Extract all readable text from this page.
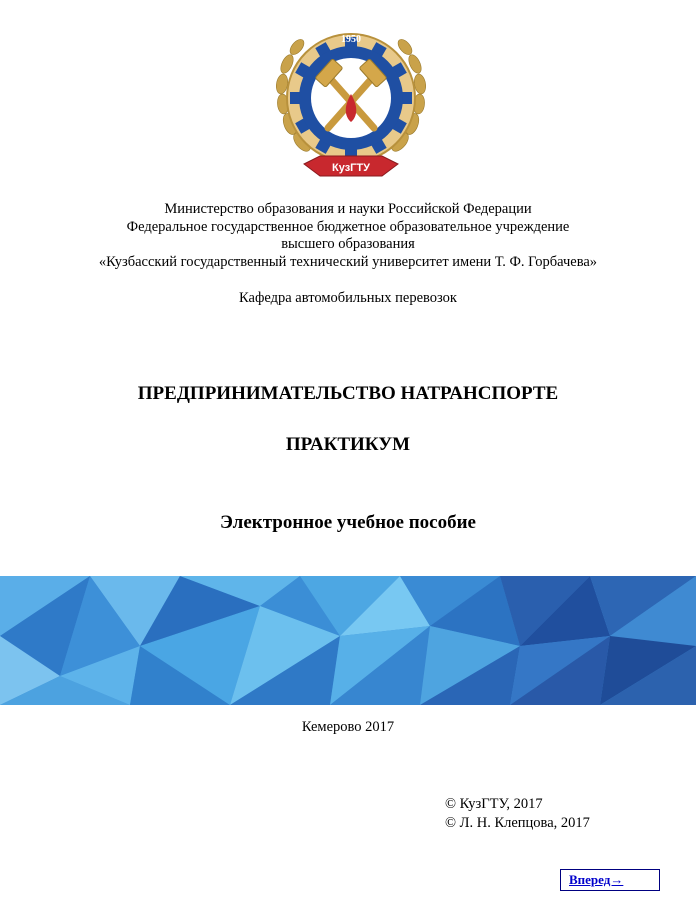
1950
КузГТУ
Министерство образования и науки Российской Федерации
Федеральное государственное бюджетное образовательное учреждение
высшего образования
«Кузбасский государственный технический университет имени Т. Ф. Горбачева»
Кафедра автомобильных перевозок
ПРЕДПРИНИМАТЕЛЬСТВО НАТРАНСПОРТЕ
ПРАКТИКУМ
Электронное учебное пособие
Кемерово 2017
© КузГТУ, 2017
© Л. Н. Клепцова, 2017
Вперед→
